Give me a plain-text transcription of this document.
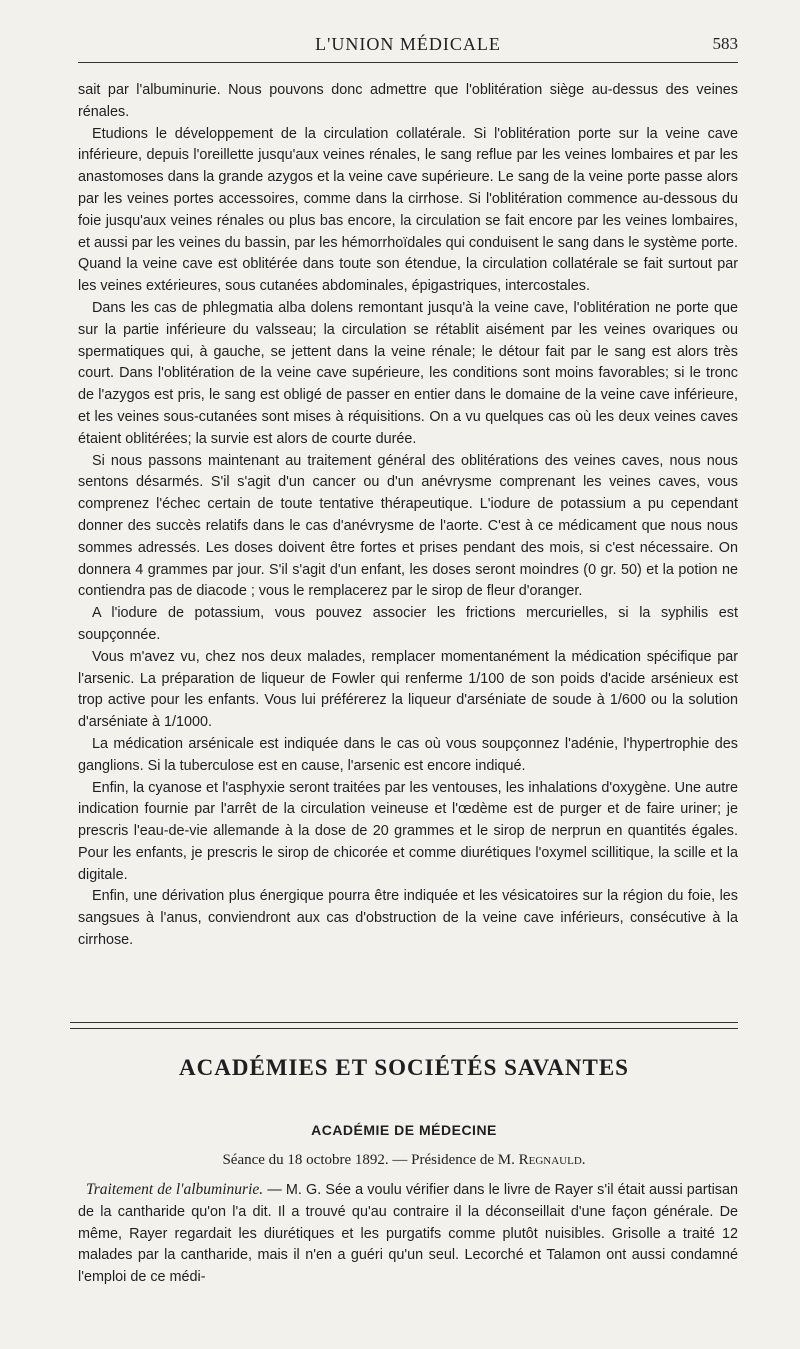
L'UNION MÉDICALE	583

sait par l'albuminurie. Nous pouvons donc admettre que l'oblitération siège au-dessus des veines rénales.

Etudions le développement de la circulation collatérale. Si l'oblitération porte sur la veine cave inférieure, depuis l'oreillette jusqu'aux veines rénales, le sang reflue par les veines lombaires et par les anastomoses dans la grande azygos et la veine cave supérieure. Le sang de la veine porte passe alors par les veines portes accessoires, comme dans la cirrhose. Si l'oblitération commence au-dessous du foie jusqu'aux veines rénales ou plus bas encore, la circulation se fait encore par les veines lombaires, et aussi par les veines du bassin, par les hémorrhoïdales qui conduisent le sang dans le système porte. Quand la veine cave est oblitérée dans toute son étendue, la circulation collatérale se fait surtout par les veines extérieures, sous cutanées abdominales, épigastriques, intercostales.

Dans les cas de phlegmatia alba dolens remontant jusqu'à la veine cave, l'oblitération ne porte que sur la partie inférieure du valsseau; la circulation se rétablit aisément par les veines ovariques ou spermatiques qui, à gauche, se jettent dans la veine rénale; le détour fait par le sang est alors très court. Dans l'oblitération de la veine cave supérieure, les conditions sont moins favorables; si le tronc de l'azygos est pris, le sang est obligé de passer en entier dans le domaine de la veine cave inférieure, et les veines sous-cutanées sont mises à réquisitions. On a vu quelques cas où les deux veines caves étaient oblitérées; la survie est alors de courte durée.

Si nous passons maintenant au traitement général des oblitérations des veines caves, nous nous sentons désarmés. S'il s'agit d'un cancer ou d'un anévrysme comprenant les veines caves, vous comprenez l'échec certain de toute tentative thérapeutique. L'iodure de potassium a pu cependant donner des succès relatifs dans le cas d'anévrysme de l'aorte. C'est à ce médicament que nous nous sommes adressés. Les doses doivent être fortes et prises pendant des mois, si c'est nécessaire. On donnera 4 grammes par jour. S'il s'agit d'un enfant, les doses seront moindres (0 gr. 50) et la potion ne contiendra pas de diacode ; vous le remplacerez par le sirop de fleur d'oranger.

A l'iodure de potassium, vous pouvez associer les frictions mercurielles, si la syphilis est soupçonnée.

Vous m'avez vu, chez nos deux malades, remplacer momentanément la médication spécifique par l'arsenic. La préparation de liqueur de Fowler qui renferme 1/100 de son poids d'acide arsénieux est trop active pour les enfants. Vous lui préférerez la liqueur d'arséniate de soude à 1/600 ou la solution d'arséniate à 1/1000.

La médication arsénicale est indiquée dans le cas où vous soupçonnez l'adénie, l'hypertrophie des ganglions. Si la tuberculose est en cause, l'arsenic est encore indiqué.

Enfin, la cyanose et l'asphyxie seront traitées par les ventouses, les inhalations d'oxygène. Une autre indication fournie par l'arrêt de la circulation veineuse et l'œdème est de purger et de faire uriner; je prescris l'eau-de-vie allemande à la dose de 20 grammes et le sirop de nerprun en quantités égales. Pour les enfants, je prescris le sirop de chicorée et comme diurétiques l'oxymel scillitique, la scille et la digitale.

Enfin, une dérivation plus énergique pourra être indiquée et les vésicatoires sur la région du foie, les sangsues à l'anus, conviendront aux cas d'obstruction de la veine cave inférieurs, consécutive à la cirrhose.

ACADÉMIES ET SOCIÉTÉS SAVANTES
ACADÉMIE DE MÉDECINE
Séance du 18 octobre 1892. — Présidence de M. Regnauld.

Traitement de l'albuminurie. — M. G. Sée a voulu vérifier dans le livre de Rayer s'il était aussi partisan de la cantharide qu'on l'a dit. Il a trouvé qu'au contraire il la déconseillait d'une façon générale. De même, Rayer regardait les diurétiques et les purgatifs comme plutôt nuisibles. Grisolle a traité 12 malades par la cantharide, mais il n'en a guéri qu'un seul. Lecorché et Talamon ont aussi condamné l'emploi de ce médi-
